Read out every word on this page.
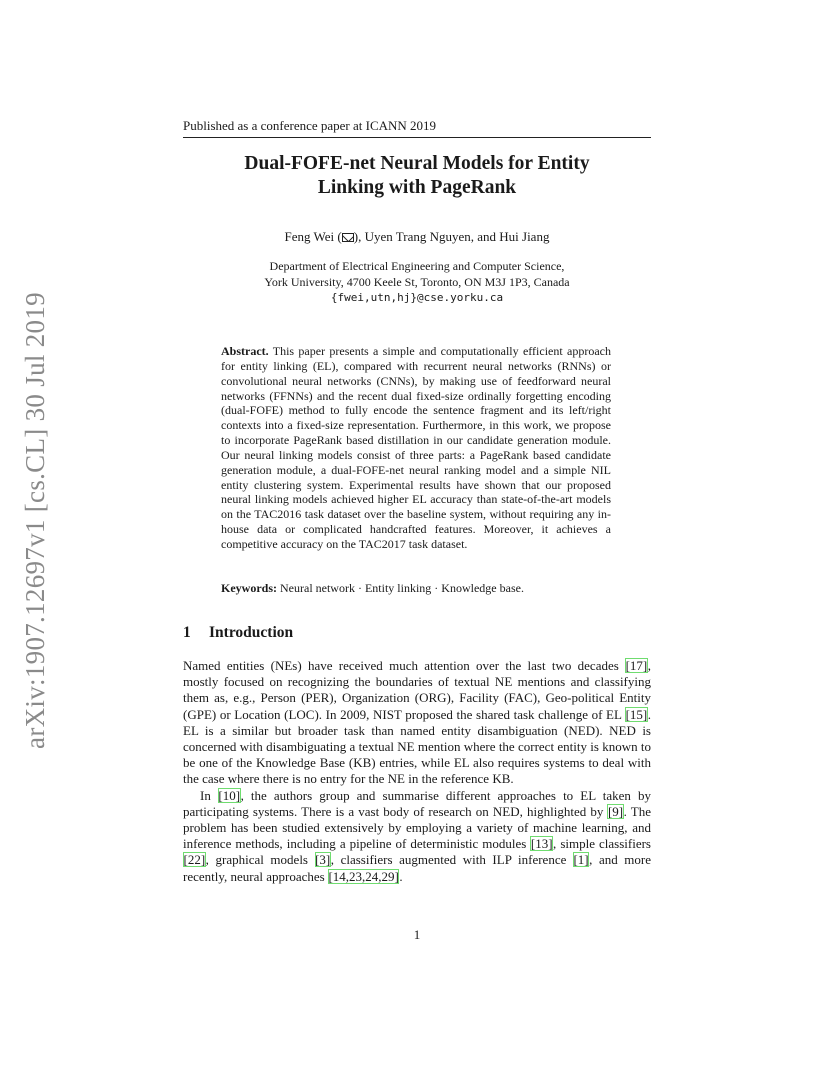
arXiv:1907.12697v1 [cs.CL] 30 Jul 2019
Published as a conference paper at ICANN 2019
Dual-FOFE-net Neural Models for Entity
Linking with PageRank
Feng Wei ( ), Uyen Trang Nguyen, and Hui Jiang
Department of Electrical Engineering and Computer Science,
York University, 4700 Keele St, Toronto, ON M3J 1P3, Canada
{fwei,utn,hj}@cse.yorku.ca
Abstract. This paper presents a simple and computationally efficient approach for entity linking (EL), compared with recurrent neural networks (RNNs) or convolutional neural networks (CNNs), by making use of feedforward neural networks (FFNNs) and the recent dual fixed-size ordinally forgetting encoding (dual-FOFE) method to fully encode the sentence fragment and its left/right contexts into a fixed-size representation. Furthermore, in this work, we propose to incorporate PageRank based distillation in our candidate generation module. Our neural linking models consist of three parts: a PageRank based candidate generation module, a dual-FOFE-net neural ranking model and a simple NIL entity clustering system. Experimental results have shown that our proposed neural linking models achieved higher EL accuracy than state-of-the-art models on the TAC2016 task dataset over the baseline system, without requiring any in-house data or complicated handcrafted features. Moreover, it achieves a competitive accuracy on the TAC2017 task dataset.
Keywords: Neural network · Entity linking · Knowledge base.
1 Introduction

Named entities (NEs) have received much attention over the last two decades [17], mostly focused on recognizing the boundaries of textual NE mentions and classifying them as, e.g., Person (PER), Organization (ORG), Facility (FAC), Geo-political Entity (GPE) or Location (LOC). In 2009, NIST proposed the shared task challenge of EL [15]. EL is a similar but broader task than named entity disambiguation (NED). NED is concerned with disambiguating a textual NE mention where the correct entity is known to be one of the Knowledge Base (KB) entries, while EL also requires systems to deal with the case where there is no entry for the NE in the reference KB.

In [10], the authors group and summarise different approaches to EL taken by participating systems. There is a vast body of research on NED, highlighted by [9]. The problem has been studied extensively by employing a variety of machine learning, and inference methods, including a pipeline of deterministic modules [13], simple classifiers [22], graphical models [3], classifiers augmented with ILP inference [1], and more recently, neural approaches [14,23,24,29].

1
